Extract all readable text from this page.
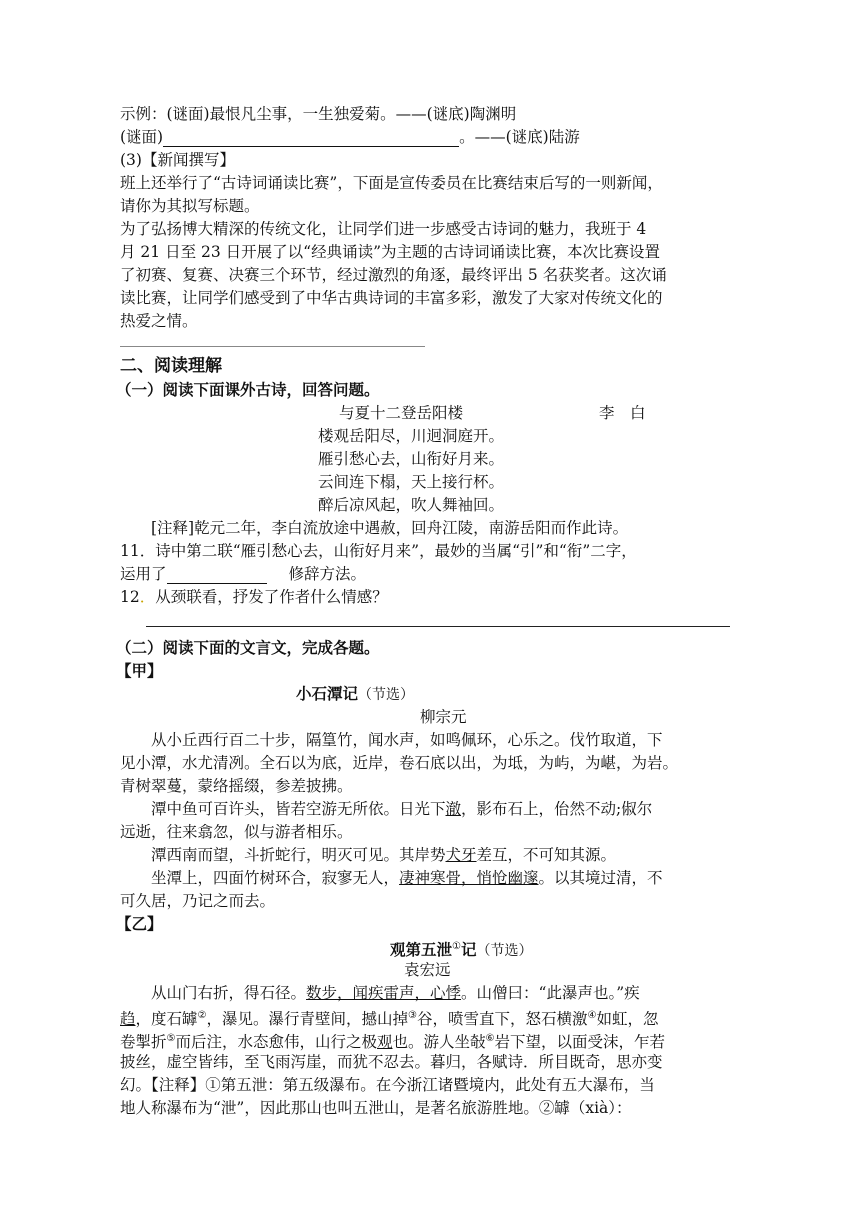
示例：(谜面)最恨凡尘事，一生独爱菊。——(谜底)陶渊明
(谜面)	。——(谜底)陆游
(3)【新闻撰写】
班上还举行了“古诗词诵读比赛”，下面是宣传委员在比赛结束后写的一则新闻，
请你为其拟写标题。
为了弘扬博大精深的传统文化，让同学们进一步感受古诗词的魅力，我班于 4
月 21 日至 23 日开展了以“经典诵读”为主题的古诗词诵读比赛，本次比赛设置
了初赛、复赛、决赛三个环节，经过激烈的角逐，最终评出 5 名获奖者。这次诵
读比赛，让同学们感受到了中华古典诗词的丰富多彩，激发了大家对传统文化的
热爱之情。
二、阅读理解
（一）阅读下面课外古诗，回答问题。
与夏十二登岳阳楼	李　白
楼观岳阳尽，川迥洞庭开。
雁引愁心去，山衔好月来。
云间连下榻，天上接行杯。
醉后凉风起，吹人舞袖回。
[注释]乾元二年，李白流放途中遇赦，回舟江陵，南游岳阳而作此诗。
11．诗中第二联“雁引愁心去，山衔好月来”，最妙的当属“引”和“衔”二字，
运用了	修辞方法。
12．从颈联看，抒发了作者什么情感？
（二）阅读下面的文言文，完成各题。
【甲】
小石潭记（节选）
柳宗元
从小丘西行百二十步，隔篁竹，闻水声，如鸣佩环，心乐之。伐竹取道，下
见小潭，水尤清冽。全石以为底，近岸，卷石底以出，为坻，为屿，为嵁，为岩。
青树翠蔓，蒙络摇缀，参差披拂。
潭中鱼可百许头，皆若空游无所依。日光下澈，影布石上，佁然不动;俶尔
远逝，往来翕忽，似与游者相乐。
潭西南而望，斗折蛇行，明灭可见。其岸势犬牙差互，不可知其源。
坐潭上，四面竹树环合，寂寥无人，凄神寒骨，悄怆幽邃。以其境过清，不
可久居，乃记之而去。
【乙】
观第五泄①记（节选）
袁宏远
从山门右折，得石径。数步，闻疾雷声，心悸。山僧曰：“此瀑声也。”疾
趋，度石罅②，瀑见。瀑行青壁间，撼山掉③谷，喷雪直下，怒石横激④如虹，忽
卷掣折⑤而后注，水态愈伟，山行之极观也。游人坐敧⑥岩下望，以面受沫，乍若
披丝，虚空皆纬，至飞雨泻崖，而犹不忍去。暮归，各赋诗．所目既奇，思亦变
幻。【注释】①第五泄：第五级瀑布。在今浙江诸暨境内，此处有五大瀑布，当
地人称瀑布为“泄”，因此那山也叫五泄山，是著名旅游胜地。②罅（xià）：
